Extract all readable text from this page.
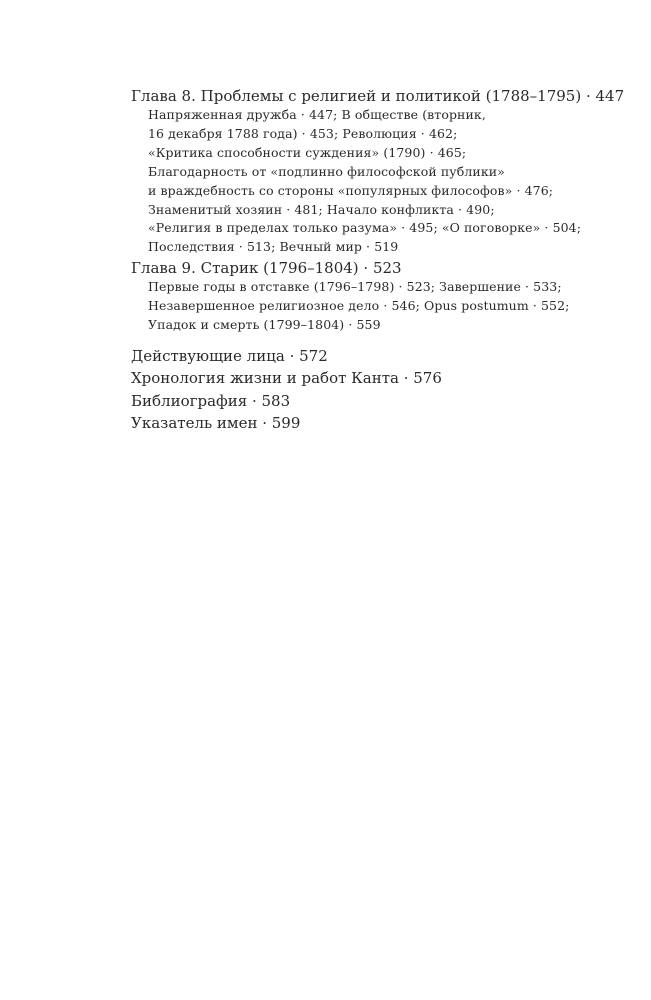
Глава 8. Проблемы с религией и политикой (1788–1795) · 447

Напряженная дружба · 447; В обществе (вторник,
16 декабря 1788 года) · 453; Революция · 462;
«Критика способности суждения» (1790) · 465;
Благодарность от «подлинно философской публики»
и враждебность со стороны «популярных философов» · 476;
Знаменитый хозяин · 481; Начало конфликта · 490;
«Религия в пределах только разума» · 495; «О поговорке» · 504;
Последствия · 513; Вечный мир · 519

Глава 9. Старик (1796–1804) · 523

Первые годы в отставке (1796–1798) · 523; Завершение · 533;
Незавершенное религиозное дело · 546; Opus postumum · 552;
Упадок и смерть (1799–1804) · 559
Действующие лица · 572
Хронология жизни и работ Канта · 576
Библиография · 583
Указатель имен · 599
